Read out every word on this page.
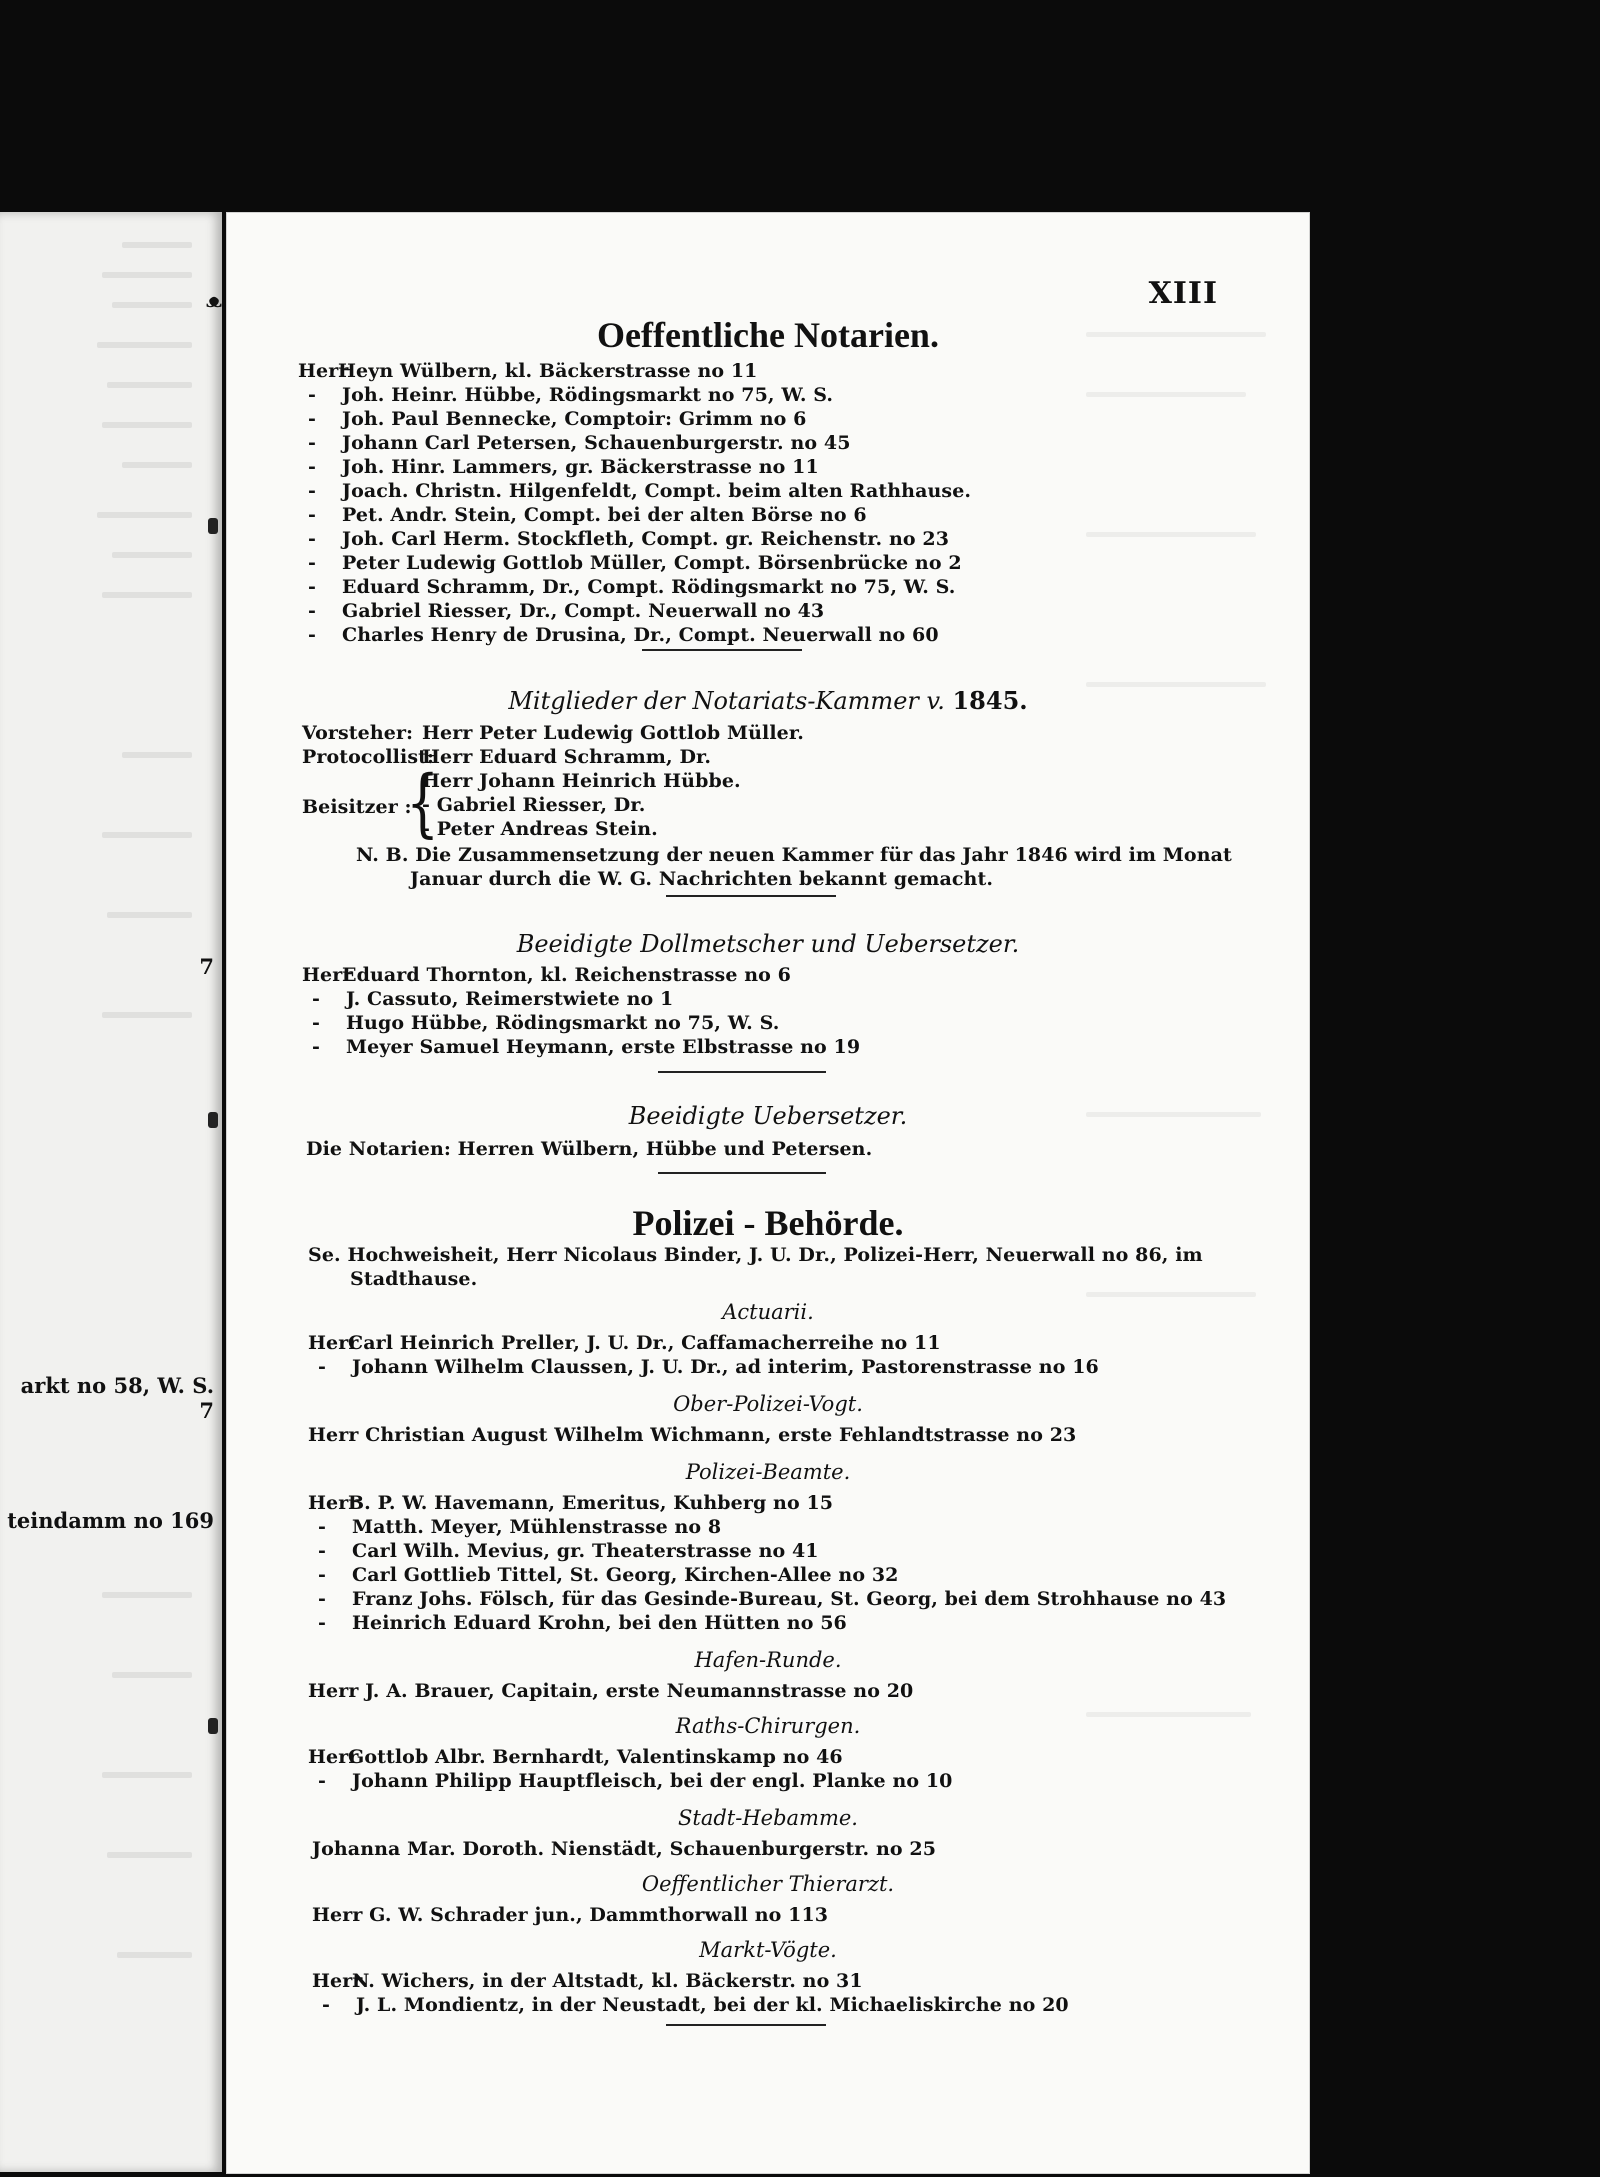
7
arkt no 58, W. S.
7
teindamm no 169
ᴥ	XIII
Oeffentliche Notarien.
HerrHeyn Wülbern, kl. Bäckerstrasse no 11
- Joh. Heinr. Hübbe, Rödingsmarkt no 75, W. S.
- Joh. Paul Bennecke, Comptoir: Grimm no 6
- Johann Carl Petersen, Schauenburgerstr. no 45
- Joh. Hinr. Lammers, gr. Bäckerstrasse no 11
- Joach. Christn. Hilgenfeldt, Compt. beim alten Rathhause.
- Pet. Andr. Stein, Compt. bei der alten Börse no 6
- Joh. Carl Herm. Stockfleth, Compt. gr. Reichenstr. no 23
- Peter Ludewig Gottlob Müller, Compt. Börsenbrücke no 2
- Eduard Schramm, Dr., Compt. Rödingsmarkt no 75, W. S.
- Gabriel Riesser, Dr., Compt. Neuerwall no 43
- Charles Henry de Drusina, Dr., Compt. Neuerwall no 60
Mitglieder der Notariats-Kammer v. 1845.
Vorsteher: Herr Peter Ludewig Gottlob Müller.
Protocollist:Herr Eduard Schramm, Dr.
{
Beisitzer :
Herr Johann Heinrich Hübbe.
- Gabriel Riesser, Dr.
- Peter Andreas Stein.
N. B. Die Zusammensetzung der neuen Kammer für das Jahr 1846 wird im Monat
Januar durch die W. G. Nachrichten bekannt gemacht.
Beeidigte Dollmetscher und Uebersetzer.
HerrEduard Thornton, kl. Reichenstrasse no 6
- J. Cassuto, Reimerstwiete no 1
- Hugo Hübbe, Rödingsmarkt no 75, W. S.
- Meyer Samuel Heymann, erste Elbstrasse no 19
Beeidigte Uebersetzer.
Die Notarien: Herren Wülbern, Hübbe und Petersen.
Polizei - Behörde.
Se. Hochweisheit, Herr Nicolaus Binder, J. U. Dr., Polizei-Herr, Neuerwall no 86, im
Stadthause.
Actuarii.
HerrCarl Heinrich Preller, J. U. Dr., Caffamacherreihe no 11
- Johann Wilhelm Claussen, J. U. Dr., ad interim, Pastorenstrasse no 16
Ober-Polizei-Vogt.
Herr Christian August Wilhelm Wichmann, erste Fehlandtstrasse no 23
Polizei-Beamte.
HerrB. P. W. Havemann, Emeritus, Kuhberg no 15
- Matth. Meyer, Mühlenstrasse no 8
- Carl Wilh. Mevius, gr. Theaterstrasse no 41
- Carl Gottlieb Tittel, St. Georg, Kirchen-Allee no 32
- Franz Johs. Fölsch, für das Gesinde-Bureau, St. Georg, bei dem Strohhause no 43
- Heinrich Eduard Krohn, bei den Hütten no 56
Hafen-Runde.
Herr J. A. Brauer, Capitain, erste Neumannstrasse no 20
Raths-Chirurgen.
HerrGottlob Albr. Bernhardt, Valentinskamp no 46
- Johann Philipp Hauptfleisch, bei der engl. Planke no 10
Stadt-Hebamme.
Johanna Mar. Doroth. Nienstädt, Schauenburgerstr. no 25
Oeffentlicher Thierarzt.
Herr G. W. Schrader jun., Dammthorwall no 113
Markt-Vögte.
HerrN. Wichers, in der Altstadt, kl. Bäckerstr. no 31
- J. L. Mondientz, in der Neustadt, bei der kl. Michaeliskirche no 20
